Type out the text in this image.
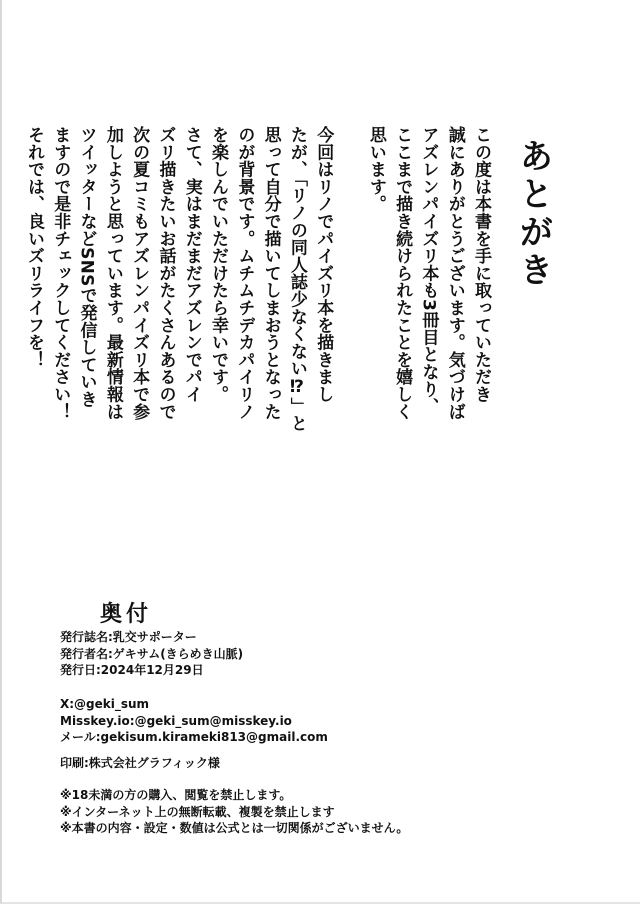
あとがき
この度は本書を手に取っていただき
誠にありがとうございます。気づけば
アズレンパイズリ本も3冊目となり、
ここまで描き続けられたことを嬉しく
思います。
今回はリノでパイズリ本を描きまし
たが、「リノの同人誌少なくない⁉」と
思って自分で描いてしまおうとなった
のが背景です。ムチムチデカパイリノ
を楽しんでいただけたら幸いです。
さて、実はまだまだアズレンでパイ
ズリ描きたいお話がたくさんあるので
次の夏コミもアズレンパイズリ本で参
加しようと思っています。最新情報は
ツイッターなどSNSで発信していき
ますので是非チェックしてください！
それでは、良いズリライフを！
奥付
発行誌名:乳交サポーター
発行者名:ゲキサム(きらめき山脈)
発行日:2024年12月29日
X:@geki_sum
Misskey.io:@geki_sum@misskey.io
メール:gekisum.kirameki813@gmail.com
印刷:株式会社グラフィック様
※18未満の方の購入、閲覧を禁止します。
※インターネット上の無断転載、複製を禁止します
※本書の内容・設定・数値は公式とは一切関係がございません。
